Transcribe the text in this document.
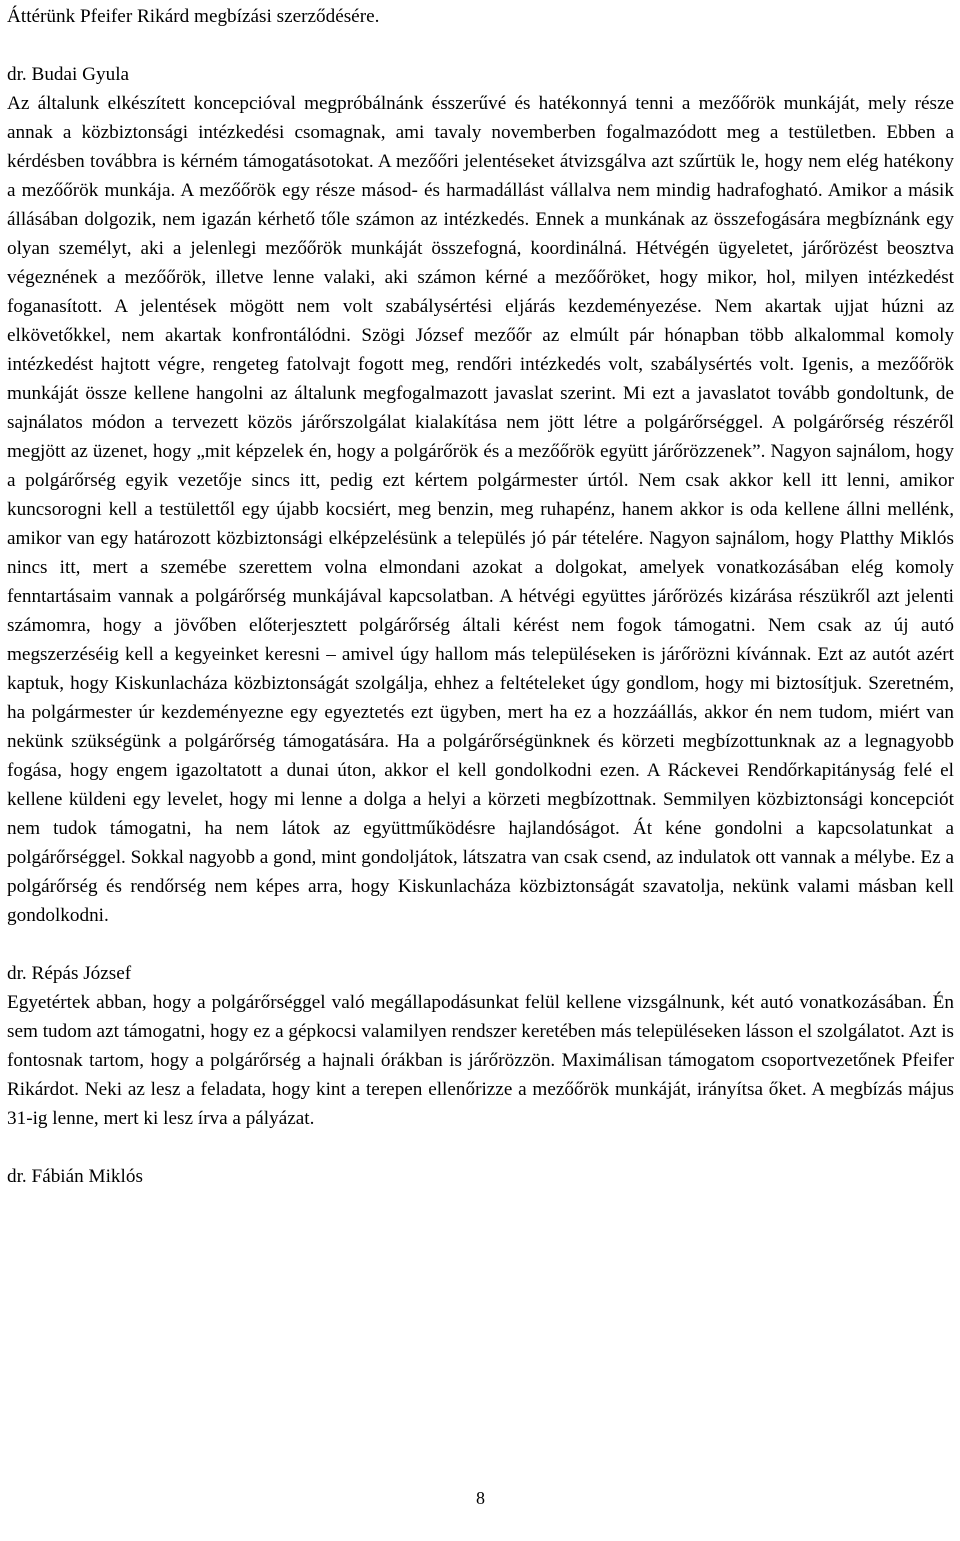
Áttérünk Pfeifer Rikárd megbízási szerződésére.

dr. Budai Gyula

Az általunk elkészített koncepcióval megpróbálnánk ésszerűvé és hatékonnyá tenni a mezőőrök munkáját, mely része annak a közbiztonsági intézkedési csomagnak, ami tavaly novemberben fogalmazódott meg a testületben. Ebben a kérdésben továbbra is kérném támogatásotokat. A mezőőri jelentéseket átvizsgálva azt szűrtük le, hogy nem elég hatékony a mezőőrök munkája. A mezőőrök egy része másod- és harmadállást vállalva nem mindig hadrafogható. Amikor a másik állásában dolgozik, nem igazán kérhető tőle számon az intézkedés. Ennek a munkának az összefogására megbíznánk egy olyan személyt, aki a jelenlegi mezőőrök munkáját összefogná, koordinálná. Hétvégén ügyeletet, járőrözést beosztva végeznének a mezőőrök, illetve lenne valaki, aki számon kérné a mezőőröket, hogy mikor, hol, milyen intézkedést foganasított. A jelentések mögött nem volt szabálysértési eljárás kezdeményezése. Nem akartak ujjat húzni az elkövetőkkel, nem akartak konfrontálódni. Szögi József mezőőr az elmúlt pár hónapban több alkalommal komoly intézkedést hajtott végre, rengeteg fatolvajt fogott meg, rendőri intézkedés volt, szabálysértés volt. Igenis, a mezőőrök munkáját össze kellene hangolni az általunk megfogalmazott javaslat szerint. Mi ezt a javaslatot tovább gondoltunk, de sajnálatos módon a tervezett közös járőrszolgálat kialakítása nem jött létre a polgárőrséggel. A polgárőrség részéről megjött az üzenet, hogy „mit képzelek én, hogy a polgárőrök és a mezőőrök együtt járőrözzenek”. Nagyon sajnálom, hogy a polgárőrség egyik vezetője sincs itt, pedig ezt kértem polgármester úrtól. Nem csak akkor kell itt lenni, amikor kuncsorogni kell a testülettől egy újabb kocsiért, meg benzin, meg ruhapénz, hanem akkor is oda kellene állni mellénk, amikor van egy határozott közbiztonsági elképzelésünk a település jó pár tételére. Nagyon sajnálom, hogy Platthy Miklós nincs itt, mert a szemébe szerettem volna elmondani azokat a dolgokat, amelyek vonatkozásában elég komoly fenntartásaim vannak a polgárőrség munkájával kapcsolatban. A hétvégi együttes járőrözés kizárása részükről azt jelenti számomra, hogy a jövőben előterjesztett polgárőrség általi kérést nem fogok támogatni. Nem csak az új autó megszerzéséig kell a kegyeinket keresni – amivel úgy hallom más településeken is járőrözni kívánnak. Ezt az autót azért kaptuk, hogy Kiskunlacháza közbiztonságát szolgálja, ehhez a feltételeket úgy gondlom, hogy mi biztosítjuk. Szeretném, ha polgármester úr kezdeményezne egy egyeztetés ezt ügyben, mert ha ez a hozzáállás, akkor én nem tudom, miért van nekünk szükségünk a polgárőrség támogatására. Ha a polgárőrségünknek és körzeti megbízottunknak az a legnagyobb fogása, hogy engem igazoltatott a dunai úton, akkor el kell gondolkodni ezen. A Ráckevei Rendőrkapitányság felé el kellene küldeni egy levelet, hogy mi lenne a dolga a helyi a körzeti megbízottnak. Semmilyen közbiztonsági koncepciót nem tudok támogatni, ha nem látok az együttműködésre hajlandóságot. Át kéne gondolni a kapcsolatunkat a polgárőrséggel. Sokkal nagyobb a gond, mint gondoljátok, látszatra van csak csend, az indulatok ott vannak a mélybe. Ez a polgárőrség és rendőrség nem képes arra, hogy Kiskunlacháza közbiztonságát szavatolja, nekünk valami másban kell gondolkodni.

dr. Répás József

Egyetértek abban, hogy a polgárőrséggel való megállapodásunkat felül kellene vizsgálnunk, két autó vonatkozásában. Én sem tudom azt támogatni, hogy ez a gépkocsi valamilyen rendszer keretében más településeken lásson el szolgálatot. Azt is fontosnak tartom, hogy a polgárőrség a hajnali órákban is járőrözzön. Maximálisan támogatom csoportvezetőnek Pfeifer Rikárdot. Neki az lesz a feladata, hogy kint a terepen ellenőrizze a mezőőrök munkáját, irányítsa őket. A megbízás május 31-ig lenne, mert ki lesz írva a pályázat.

dr. Fábián Miklós

8
